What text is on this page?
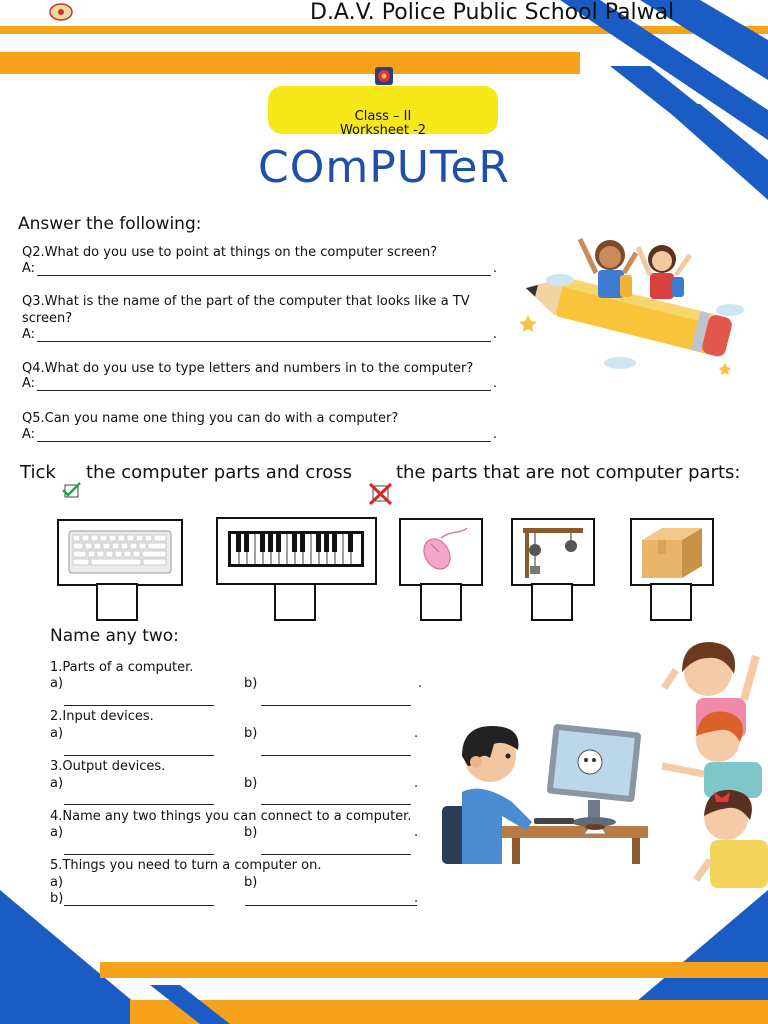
D.A.V. Police Public School Palwal
Class – II
Worksheet -2
COmPUTeR
Answer the following:
Q2.What do you use to point at things on the computer screen?
A:	.
Q3.What is the name of the part of the computer that looks like a TV screen?
A:	.
Q4.What do you use to type letters and numbers in to the computer?
A:	.
Q5.Can you name one thing you can do with a computer?
A:	.
Tick the computer parts and cross the parts that are not computer parts:
Name any two:
1.Parts of a computer.
a)	b)	.
2.Input devices.
a)	b)	.
3.Output devices.
a)	b)	.
4.Name any two things you can connect to a computer.
a)	b)	.
5.Things you need to turn a computer on.
a)	b)
b)	.
